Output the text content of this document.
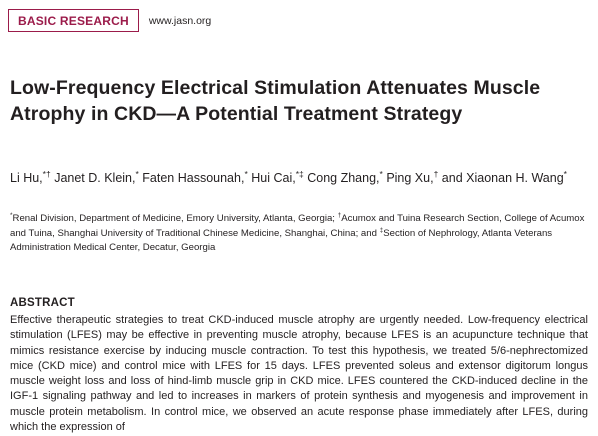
BASIC RESEARCH	www.jasn.org
Low-Frequency Electrical Stimulation Attenuates Muscle Atrophy in CKD—A Potential Treatment Strategy

Li Hu,*† Janet D. Klein,* Faten Hassounah,* Hui Cai,*‡ Cong Zhang,* Ping Xu,† and Xiaonan H. Wang*

*Renal Division, Department of Medicine, Emory University, Atlanta, Georgia; †Acumox and Tuina Research Section, College of Acumox and Tuina, Shanghai University of Traditional Chinese Medicine, Shanghai, China; and ‡Section of Nephrology, Atlanta Veterans Administration Medical Center, Decatur, Georgia

ABSTRACT

Effective therapeutic strategies to treat CKD-induced muscle atrophy are urgently needed. Low-frequency electrical stimulation (LFES) may be effective in preventing muscle atrophy, because LFES is an acupuncture technique that mimics resistance exercise by inducing muscle contraction. To test this hypothesis, we treated 5/6-nephrectomized mice (CKD mice) and control mice with LFES for 15 days. LFES prevented soleus and extensor digitorum longus muscle weight loss and loss of hind-limb muscle grip in CKD mice. LFES countered the CKD-induced decline in the IGF-1 signaling pathway and led to increases in markers of protein synthesis and myogenesis and improvement in muscle protein metabolism. In control mice, we observed an acute response phase immediately after LFES, during which the expression of
